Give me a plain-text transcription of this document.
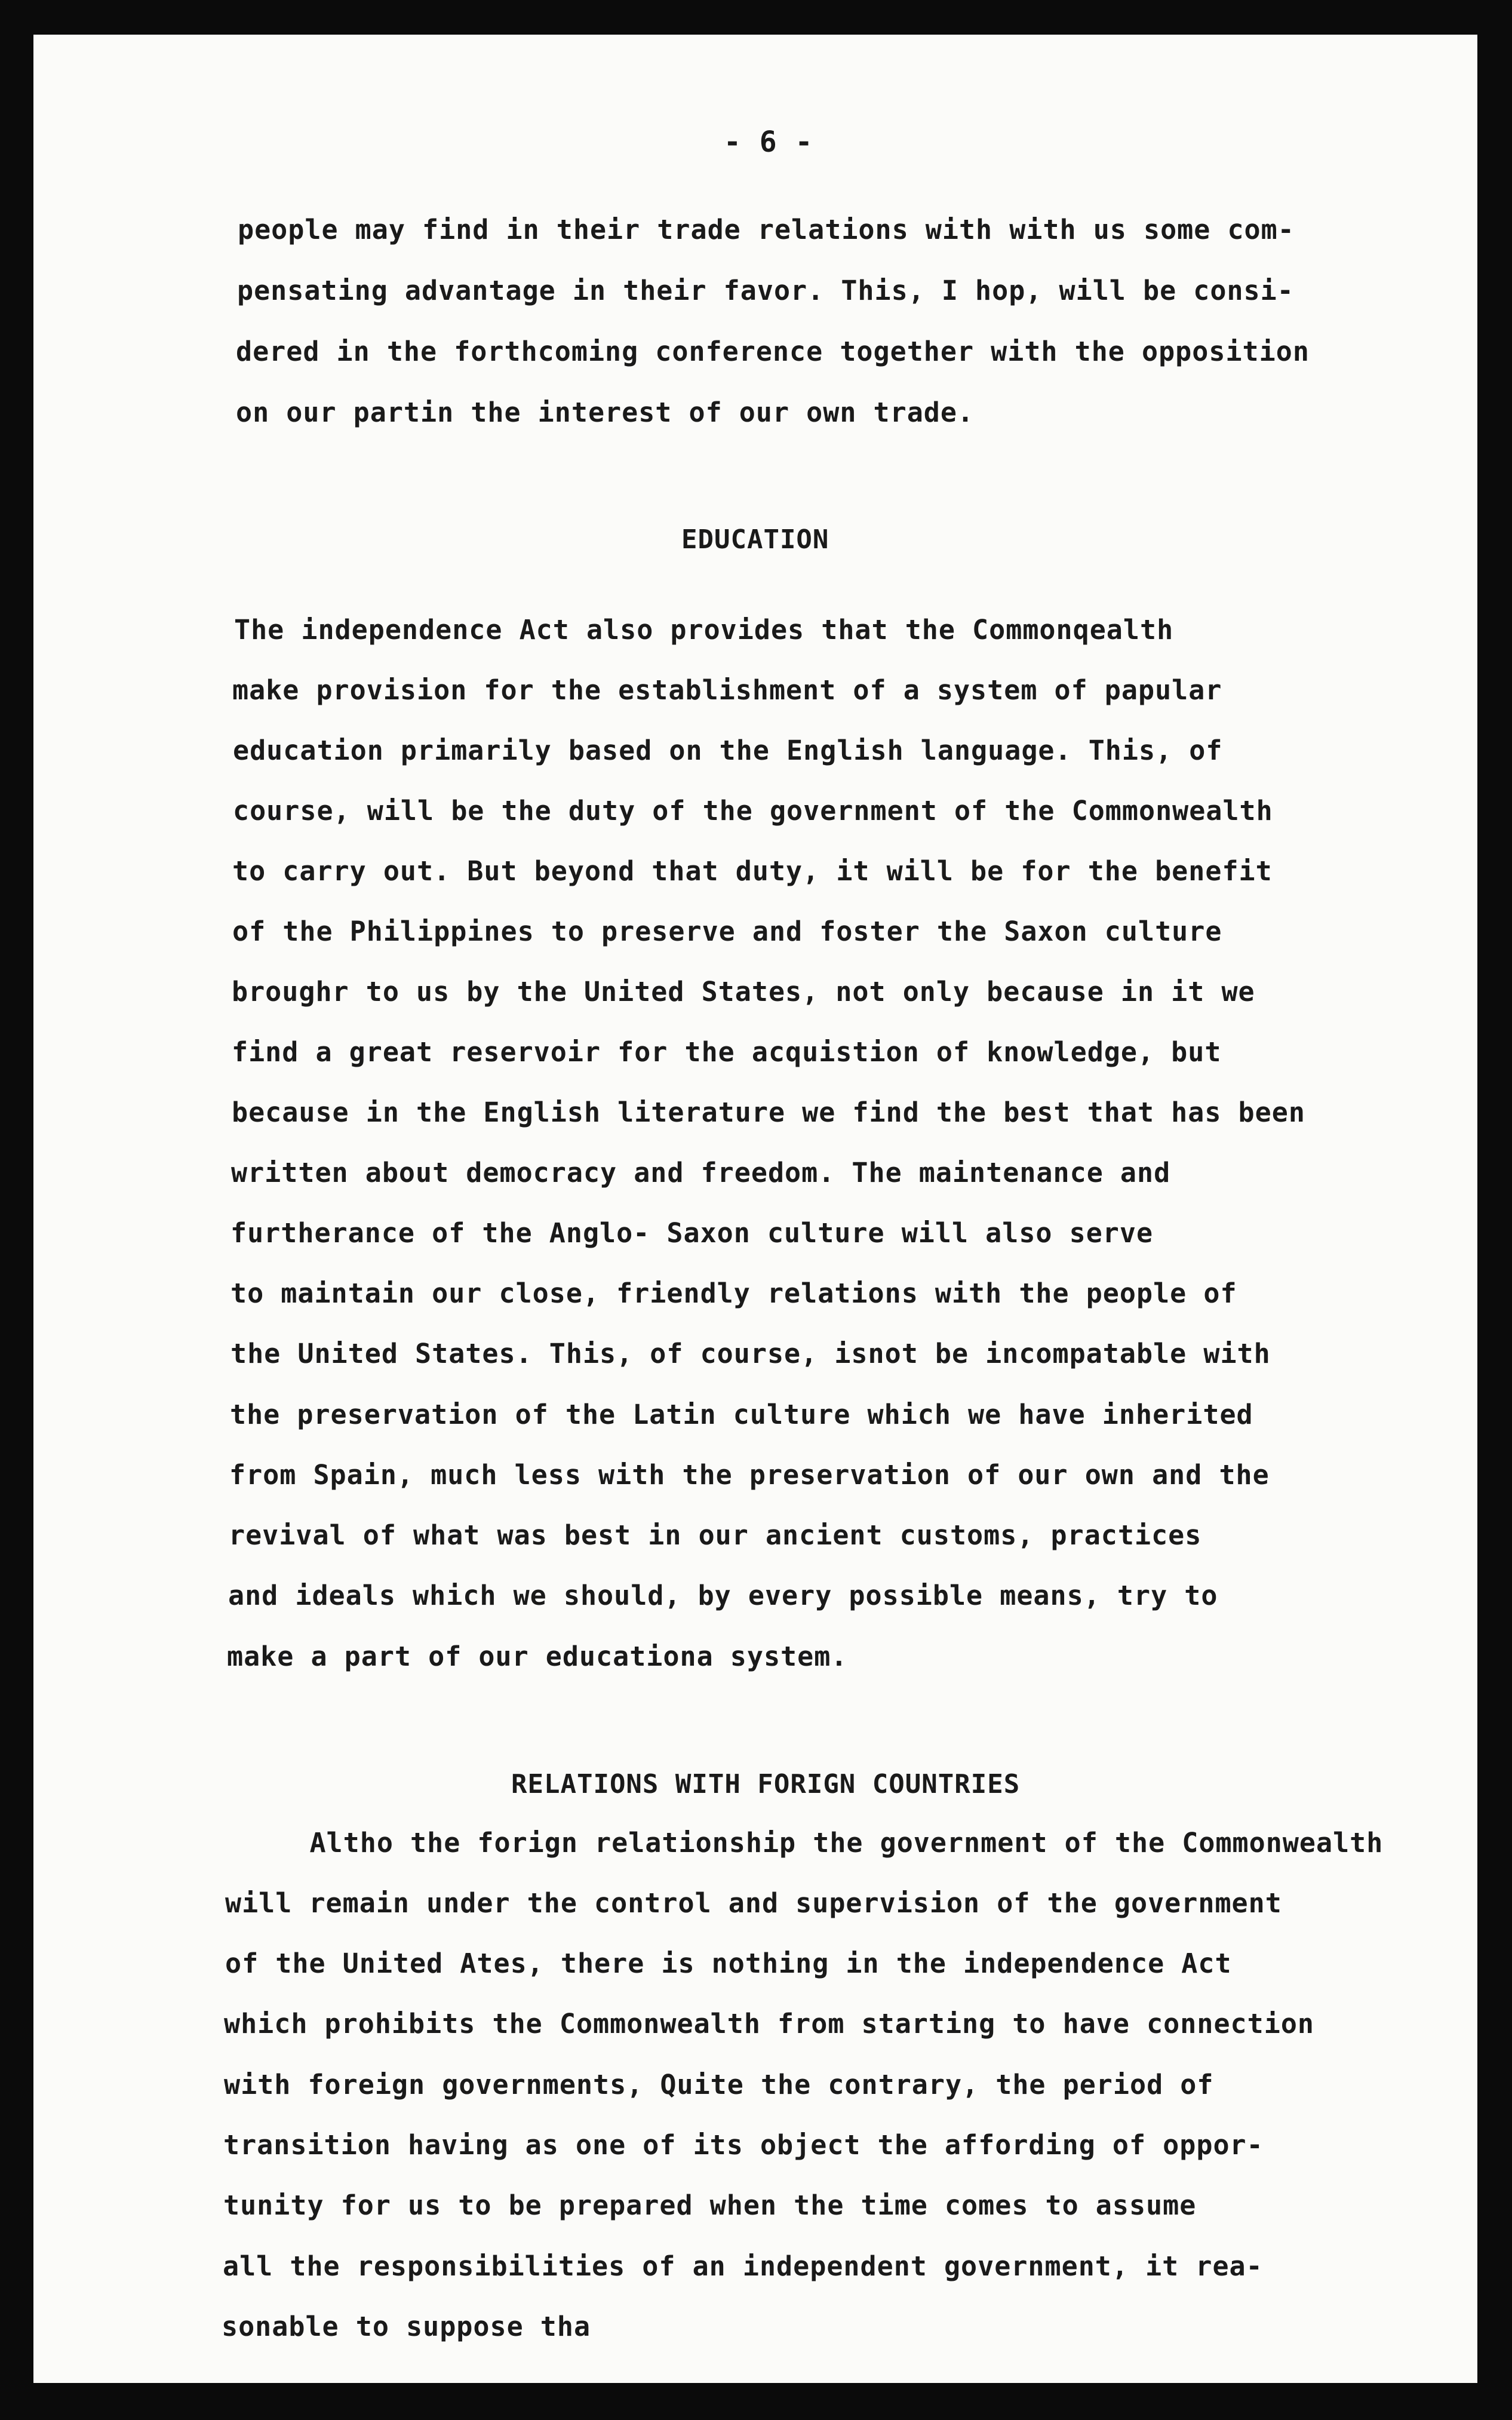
- 6 -
people may find in their trade relations with with us some com-
pensating advantage in their favor. This, I hop, will be consi-
dered in the forthcoming conference together with the opposition
on our partin the interest of our own trade.
EDUCATION
The independence Act also provides that the Commonqealth
make provision for the establishment of a system of papular
education primarily based on the English language. This, of
course, will be the duty of the government of the Commonwealth
to carry out. But beyond that duty, it will be for the benefit
of the Philippines to preserve and foster the Saxon culture
broughr to us by the United States, not only because in it we
find a great reservoir for the acquistion of knowledge, but
because in the English literature we find the best that has been
written about democracy and freedom. The maintenance and
furtherance of the Anglo- Saxon culture will also serve
to maintain our close, friendly relations with the people of
the United States. This, of course, isnot be incompatable with
the preservation of the Latin culture which we have inherited
from Spain, much less with the preservation of our own and the
revival of what was best in our ancient customs, practices
and ideals which we should, by every possible means, try to
make a part of our educationa system.
RELATIONS WITH FORIGN COUNTRIES
Altho the forign relationship the government of the Commonwealth
will remain under the control and supervision of the government
of the United Ates, there is nothing in the independence Act
which prohibits the Commonwealth from starting to have connection
with foreign governments, Quite the contrary, the period of
transition having as one of its object the affording of oppor-
tunity for us to be prepared when the time comes to assume
all the responsibilities of an independent government, it rea-
sonable to suppose tha
